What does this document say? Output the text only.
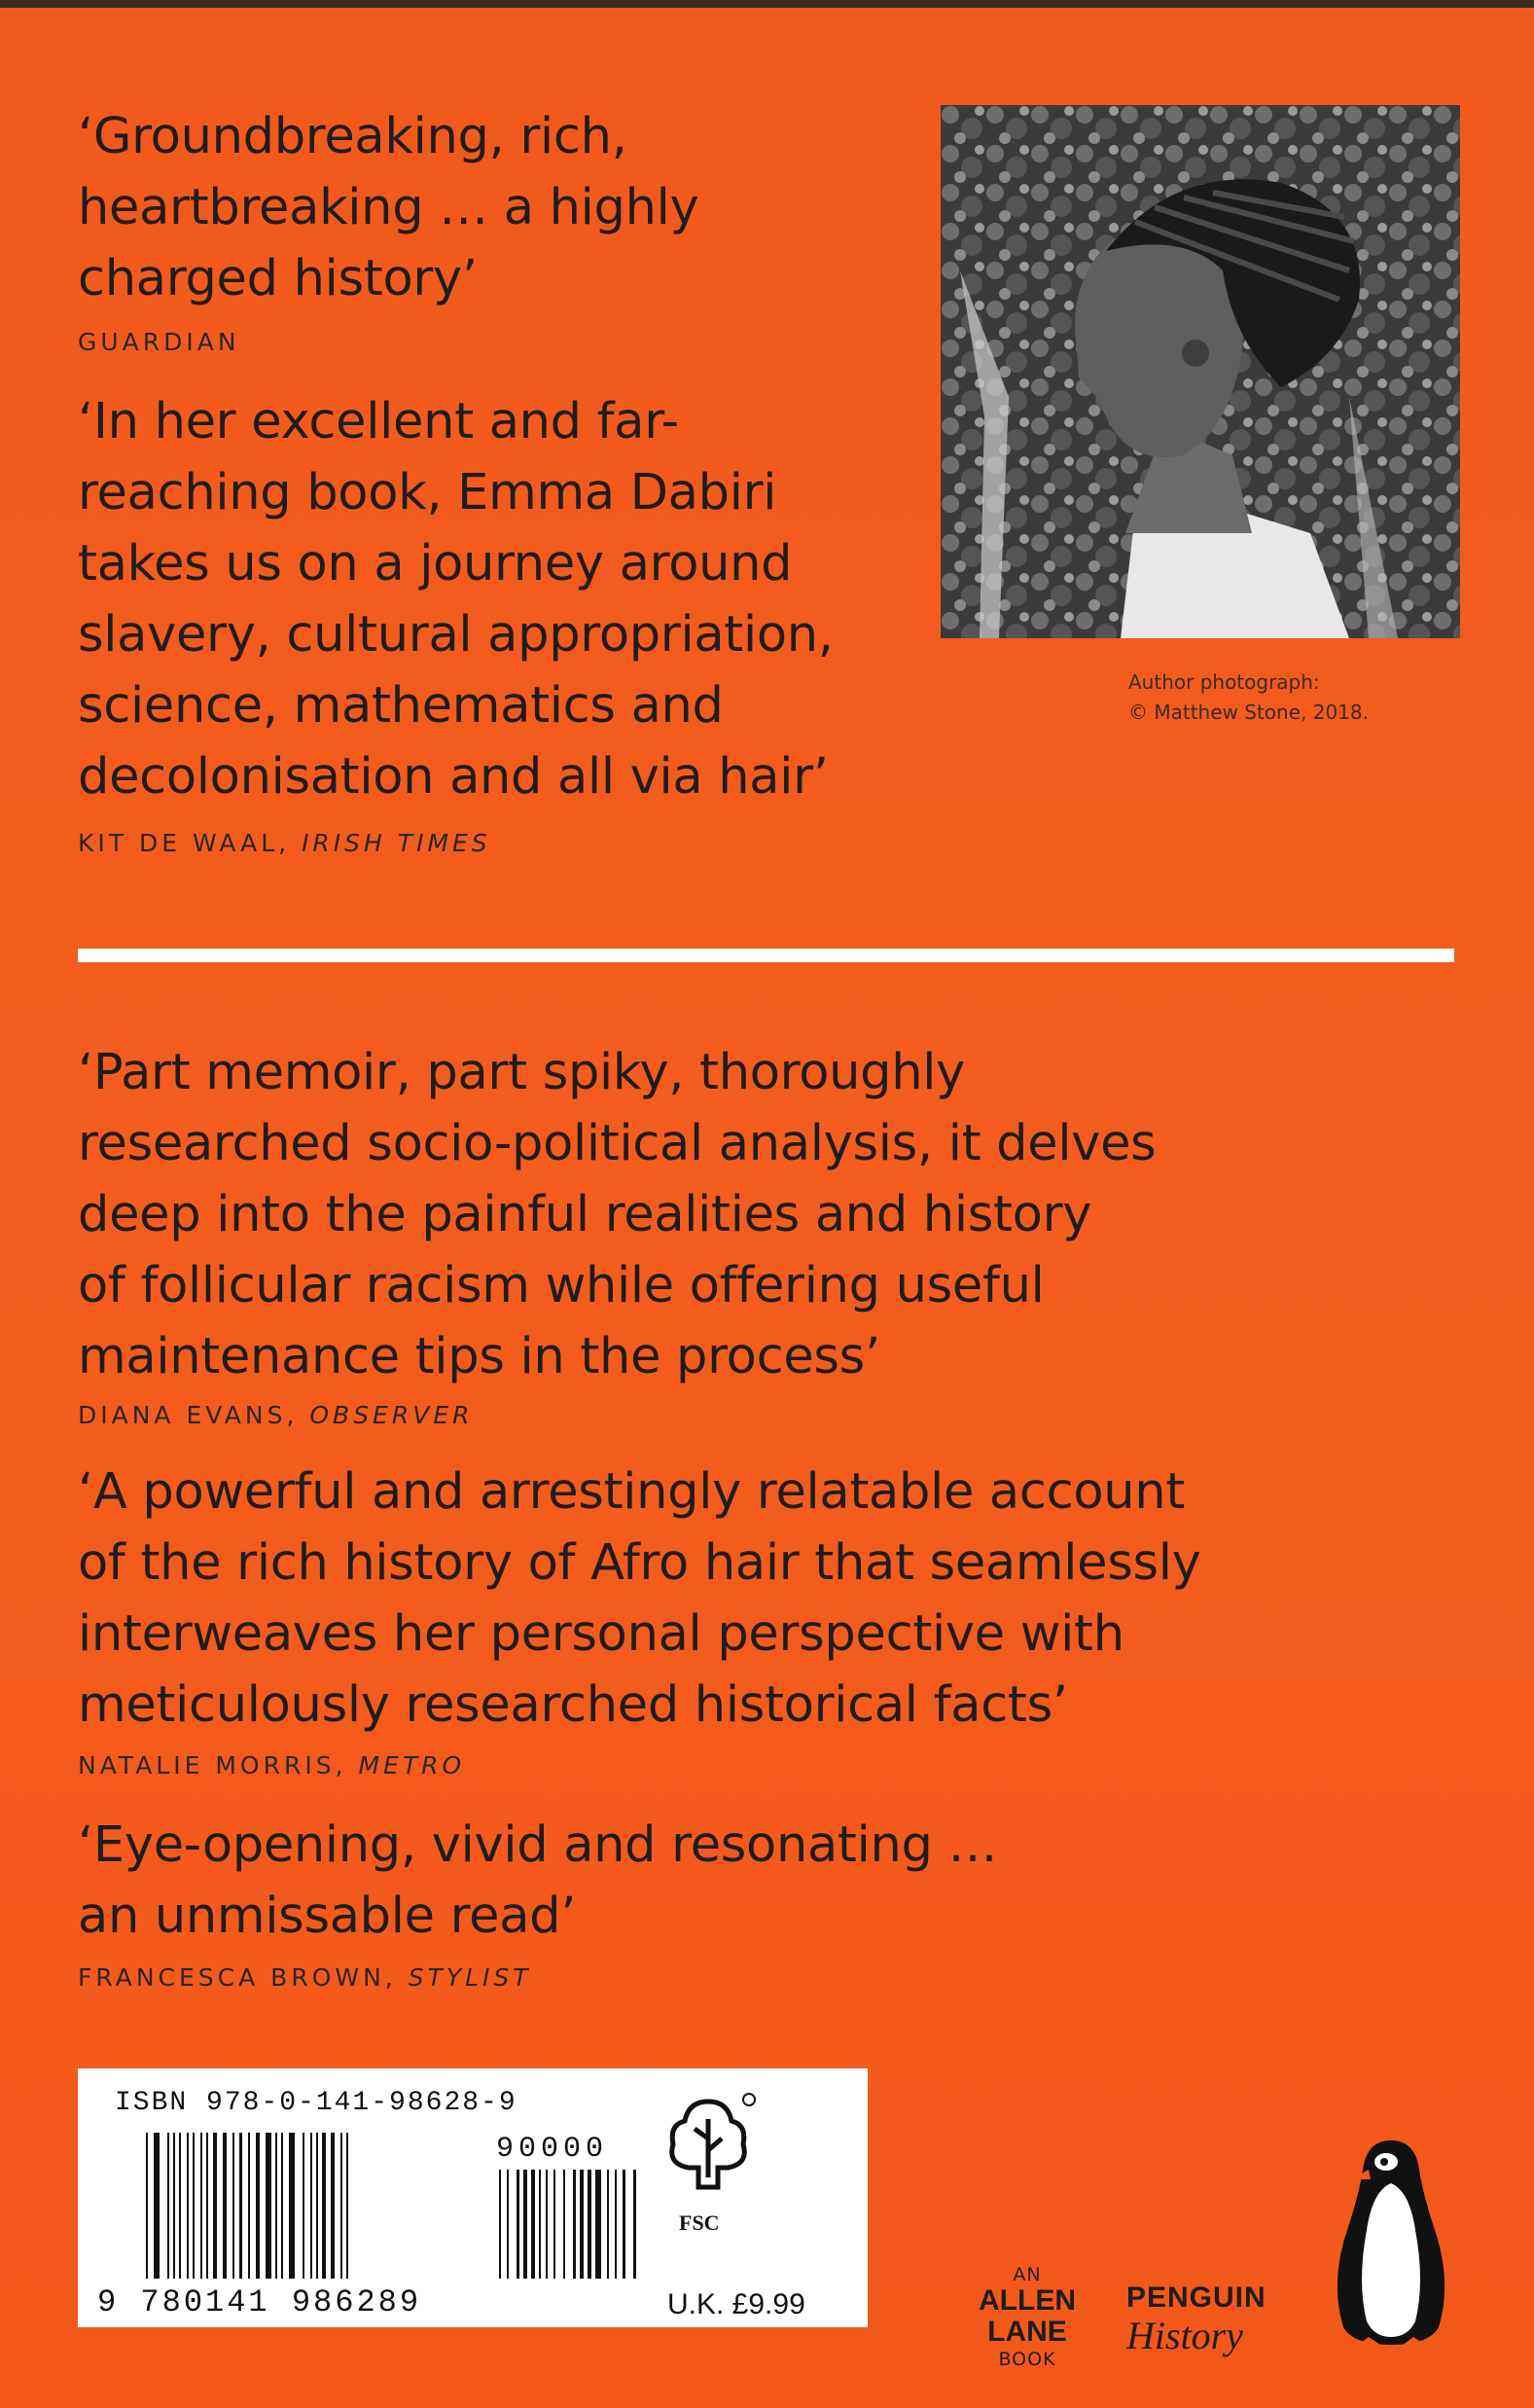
‘Groundbreaking, rich,
heartbreaking … a highly
charged history’

GUARDIAN

‘In her excellent and far-
reaching book, Emma Dabiri
takes us on a journey around
slavery, cultural appropriation,
science, mathematics and
decolonisation and all via hair’

KIT DE WAAL, IRISH TIMES

Author photograph:
© Matthew Stone, 2018.

‘Part memoir, part spiky, thoroughly
researched socio-political analysis, it delves
deep into the painful realities and history
of follicular racism while offering useful
maintenance tips in the process’

DIANA EVANS, OBSERVER

‘A powerful and arrestingly relatable account
of the rich history of Afro hair that seamlessly
interweaves her personal perspective with
meticulously researched historical facts’

NATALIE MORRIS, METRO

‘Eye-opening, vivid and resonating …
an unmissable read’

FRANCESCA BROWN, STYLIST

ISBN 978-0-141-98628-9
90000
9 780141 986289
FSC
U.K. £9.99
AN
ALLEN
LANE
BOOK
PENGUIN
History
